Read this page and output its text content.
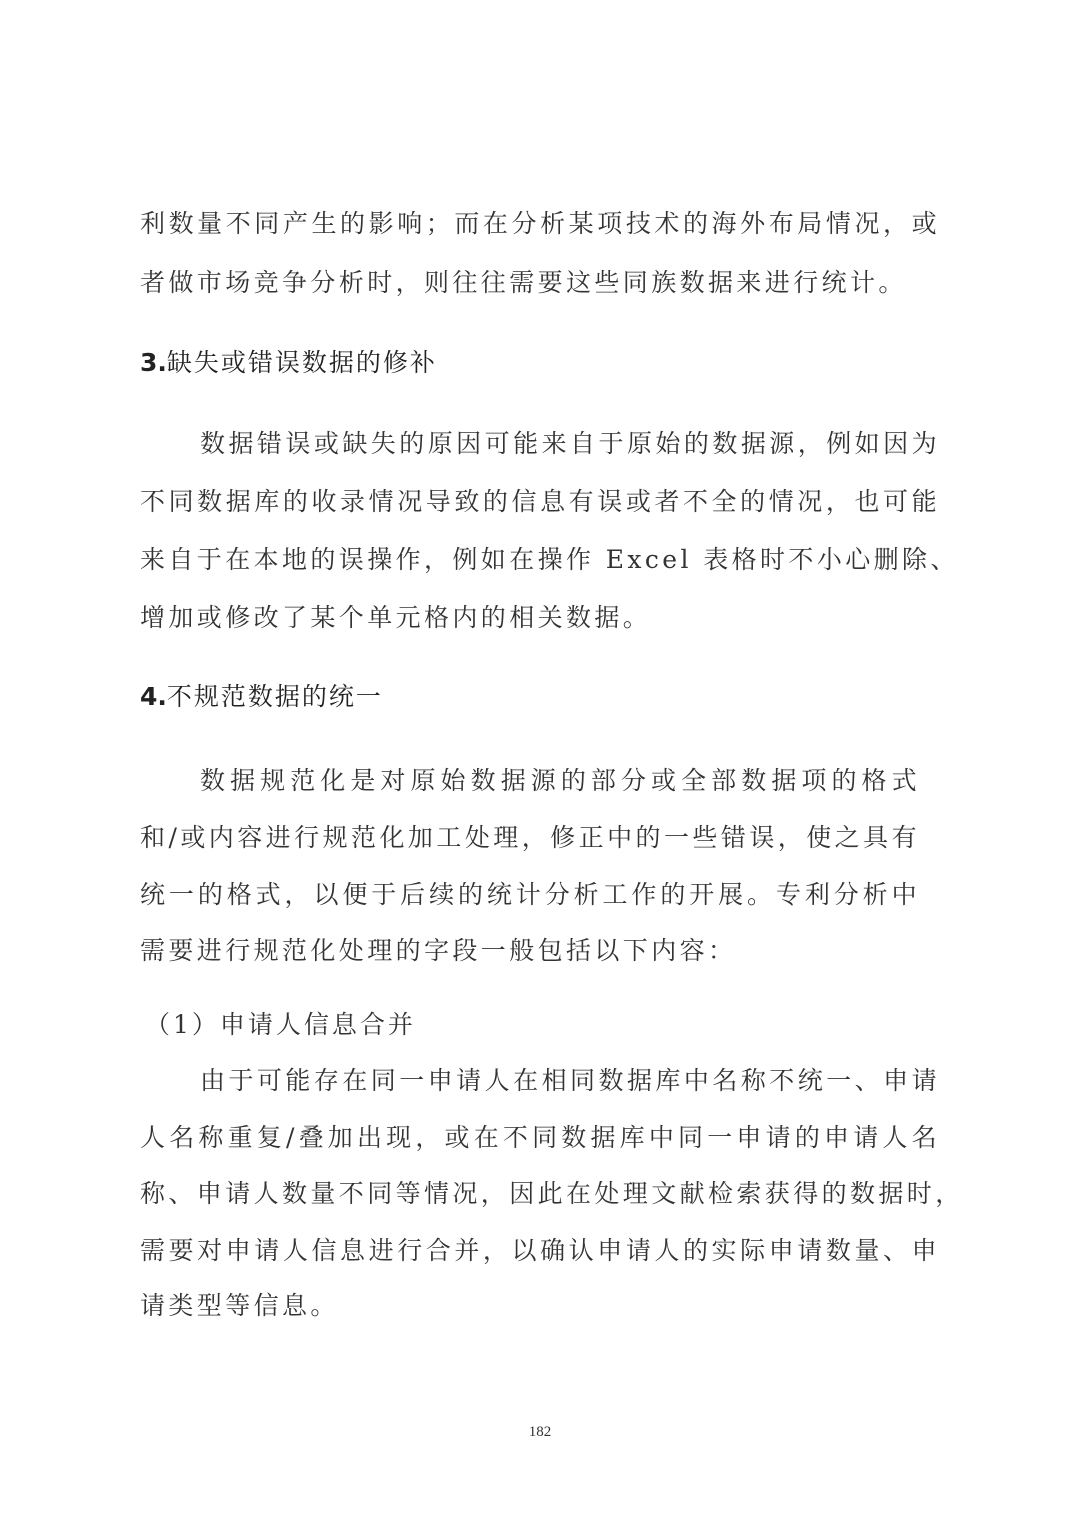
利数量不同产生的影响；而在分析某项技术的海外布局情况，或
者做市场竞争分析时，则往往需要这些同族数据来进行统计。
3.缺失或错误数据的修补
数据错误或缺失的原因可能来自于原始的数据源，例如因为
不同数据库的收录情况导致的信息有误或者不全的情况，也可能
来自于在本地的误操作，例如在操作 Excel 表格时不小心删除、
增加或修改了某个单元格内的相关数据。
4.不规范数据的统一
数据规范化是对原始数据源的部分或全部数据项的格式
和/或内容进行规范化加工处理，修正中的一些错误，使之具有
统一的格式，以便于后续的统计分析工作的开展。专利分析中
需要进行规范化处理的字段一般包括以下内容：
（1）申请人信息合并
由于可能存在同一申请人在相同数据库中名称不统一、申请
人名称重复/叠加出现，或在不同数据库中同一申请的申请人名
称、申请人数量不同等情况，因此在处理文献检索获得的数据时，
需要对申请人信息进行合并，以确认申请人的实际申请数量、申
请类型等信息。
182
